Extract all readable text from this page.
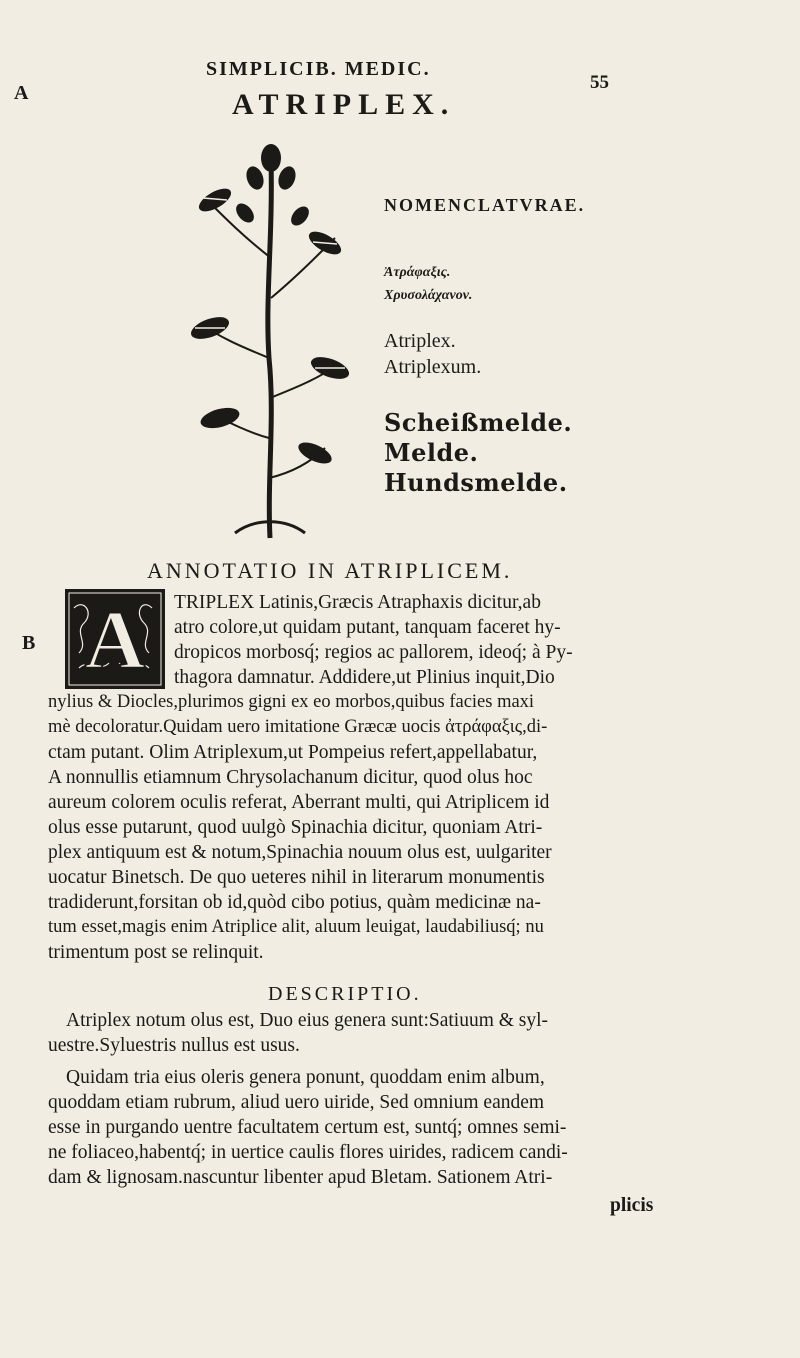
A
B
SIMPLICIB. MEDIC.
55
ATRIPLEX.
NOMENCLATVRAE.
Ἀτράφαξις.
Χρυσολάχανον.
Atriplex.
Atriplexum.
Scheißmelde.
Melde.
Hundsmelde.
ANNOTATIO IN ATRIPLICEM.
A TRIPLEX Latinis,Græcis Atraphaxis dicitur,ab
atro colore,ut quidam putant, tanquam faceret hy-
dropicos morbosq́; regios ac pallorem, ideoq́; à Py-
thagora damnatur. Addidere,ut Plinius inquit,Dio
nylius & Diocles,plurimos gigni ex eo morbos,quibus facies maxi
mè decoloratur.Quidam uero imitatione Græcæ uocis ἀτράφαξις,di-
ctam putant. Olim Atriplexum,ut Pompeius refert,appellabatur,
A nonnullis etiamnum Chrysolachanum dicitur, quod olus hoc
aureum colorem oculis referat, Aberrant multi, qui Atriplicem id
olus esse putarunt, quod uulgò Spinachia dicitur, quoniam Atri-
plex antiquum est & notum,Spinachia nouum olus est, uulgariter
uocatur Binetsch. De quo ueteres nihil in literarum monumentis
tradiderunt,forsitan ob id,quòd cibo potius, quàm medicinæ na-
tum esset,magis enim Atriplice alit, aluum leuigat, laudabiliusq́; nu
trimentum post se relinquit.
DESCRIPTIO.
Atriplex notum olus est, Duo eius genera sunt:Satiuum & syl-
uestre.Syluestris nullus est usus.
Quidam tria eius oleris genera ponunt, quoddam enim album,
quoddam etiam rubrum, aliud uero uiride, Sed omnium eandem
esse in purgando uentre facultatem certum est, suntq́; omnes semi-
ne foliaceo,habentq́; in uertice caulis flores uirides, radicem candi-
dam & lignosam.nascuntur libenter apud Bletam. Sationem Atri-
plicis
